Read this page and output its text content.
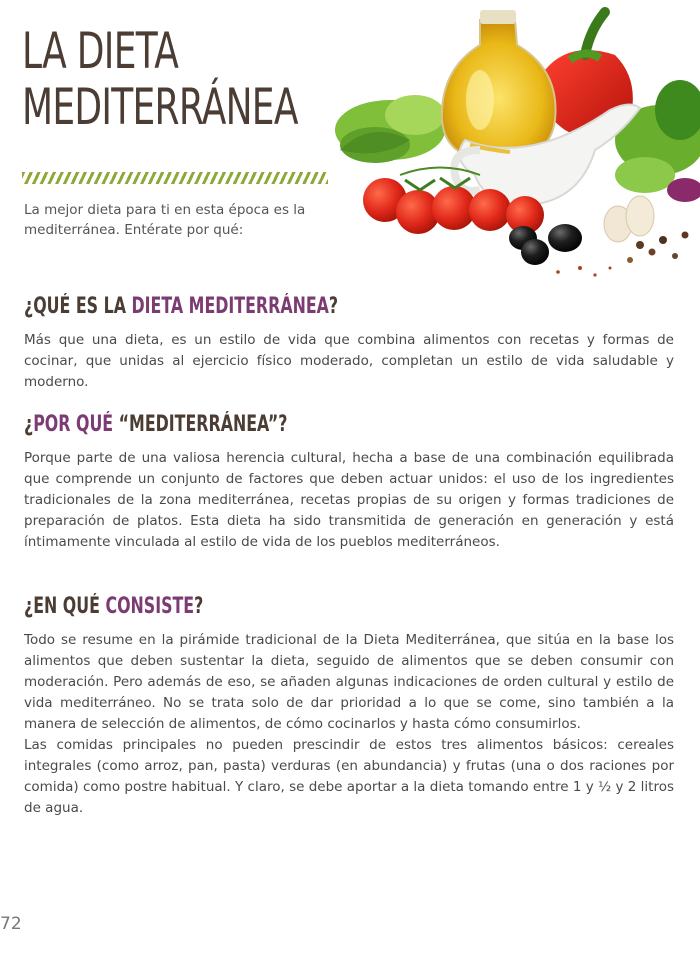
LA DIETA
MEDITERRÁNEA
La mejor dieta para ti en esta época es la mediterránea. Entérate por qué:
¿QUÉ ES LA DIETA MEDITERRÁNEA?

Más que una dieta, es un estilo de vida que combina alimentos con recetas y formas de cocinar, que unidas al ejercicio físico moderado, completan un estilo de vida saludable y moderno.

¿POR QUÉ “MEDITERRÁNEA”?

Porque parte de una valiosa herencia cultural, hecha a base de una combinación equilibrada que comprende un conjunto de factores que deben actuar unidos: el uso de los ingredientes tradicionales de la zona mediterránea, recetas propias de su origen y formas tradiciones de preparación de platos. Esta dieta ha sido transmitida de generación en generación y está íntimamente vinculada al estilo de vida de los pueblos mediterráneos.

¿EN QUÉ CONSISTE?

Todo se resume en la pirámide tradicional de la Dieta Mediterránea, que sitúa en la base los alimentos que deben sustentar la dieta, seguido de alimentos que se deben consumir con moderación. Pero además de eso, se añaden algunas indicaciones de orden cultural y estilo de vida mediterráneo. No se trata solo de dar prioridad a lo que se come, sino también a la manera de selección de alimentos, de cómo cocinarlos y hasta cómo consumirlos.

Las comidas principales no pueden prescindir de estos tres alimentos básicos: cereales integrales (como arroz, pan, pasta) verduras (en abundancia) y frutas (una o dos raciones por comida) como postre habitual. Y claro, se debe aportar a la dieta tomando entre 1 y ½ y 2 litros de agua.

72
